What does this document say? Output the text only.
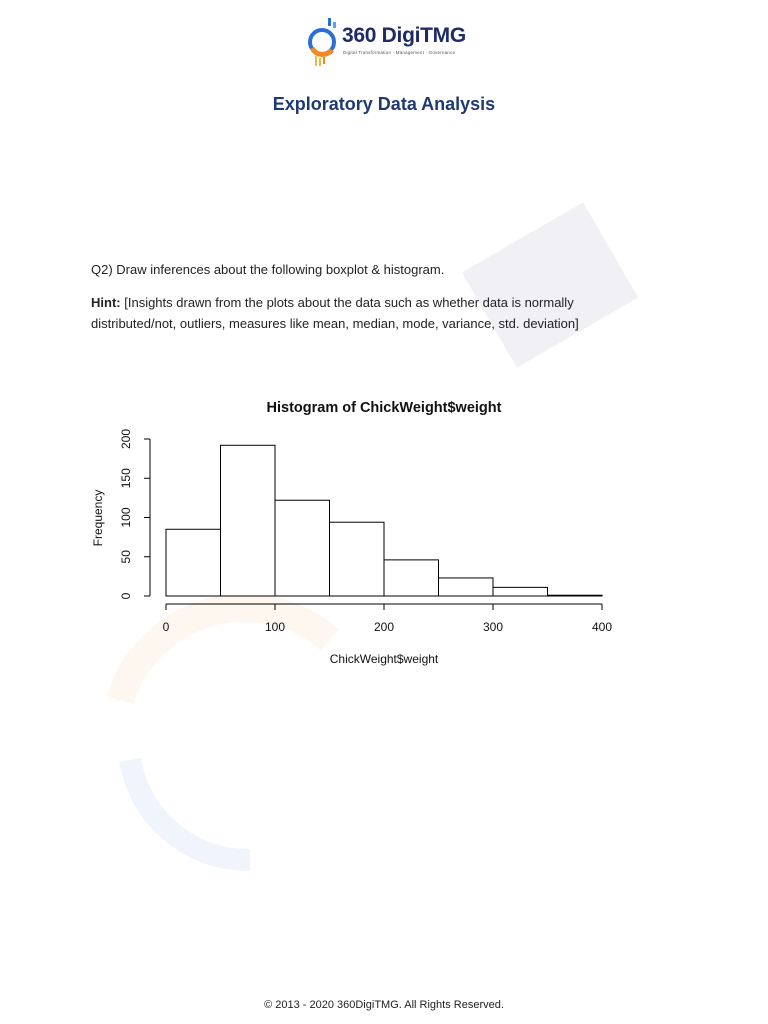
360 DigiTMG
Digital Transformation · Management · Governance
Exploratory Data Analysis
Q2) Draw inferences about the following boxplot & histogram.
Hint: [Insights drawn from the plots about the data such as whether data is normally distributed/not, outliers, measures like mean, median, mode, variance, std. deviation]
Histogram of ChickWeight$weight
0	100	200	300	400
0
50
100
150
200
ChickWeight$weight
Frequency
© 2013 - 2020 360DigiTMG. All Rights Reserved.
